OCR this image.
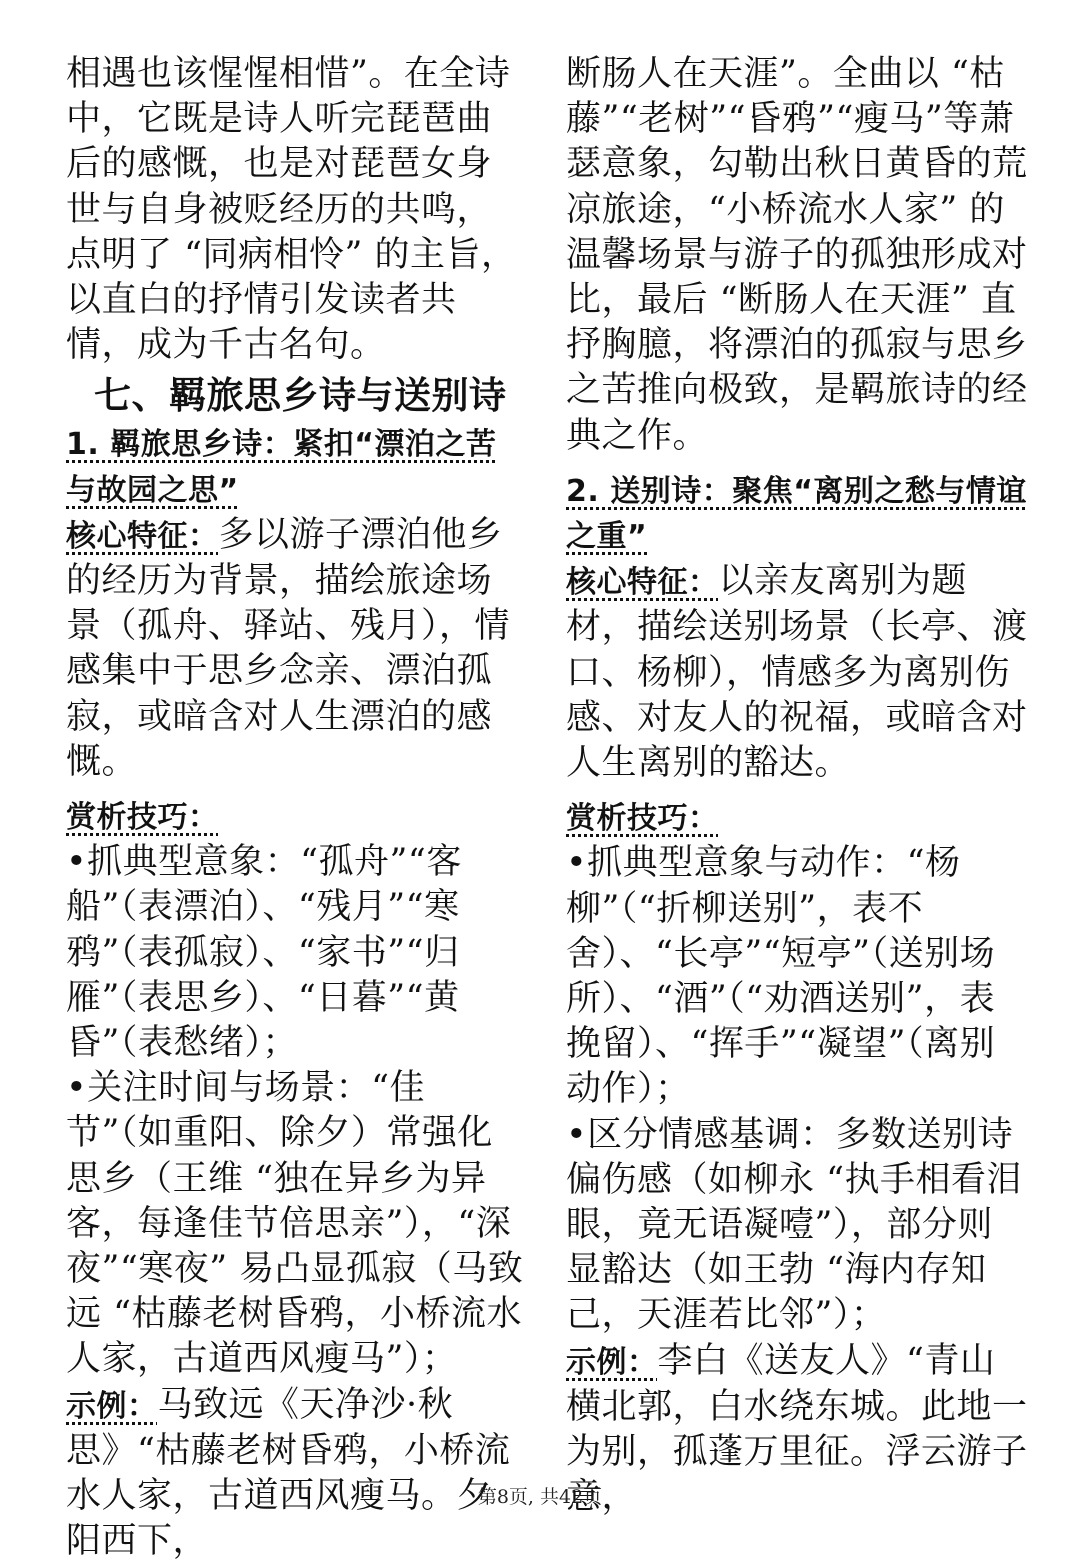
相遇也该惺惺相惜”。在全诗中，它既是诗人听完琵琶曲后的感慨，也是对琵琶女身世与自身被贬经历的共鸣，点明了 “同病相怜” 的主旨，以直白的抒情引发读者共情，成为千古名句。

七、羁旅思乡诗与送别诗
1. 羁旅思乡诗：紧扣“漂泊之苦与故园之思”

核心特征：多以游子漂泊他乡的经历为背景，描绘旅途场景（孤舟、驿站、残月），情感集中于思乡念亲、漂泊孤寂，或暗含对人生漂泊的感慨。

赏析技巧：

•抓典型意象：“孤舟”“客船”（表漂泊）、“残月”“寒鸦”（表孤寂）、“家书”“归雁”（表思乡）、“日暮”“黄昏”（表愁绪）；

•关注时间与场景：“佳节”（如重阳、除夕）常强化思乡（王维 “独在异乡为异客，每逢佳节倍思亲”），“深夜”“寒夜” 易凸显孤寂（马致远 “枯藤老树昏鸦，小桥流水人家，古道西风瘦马”）；

示例：马致远《天净沙·秋思》“枯藤老树昏鸦，小桥流水人家，古道西风瘦马。夕阳西下，

断肠人在天涯”。全曲以 “枯藤”“老树”“昏鸦”“瘦马”等萧瑟意象，勾勒出秋日黄昏的荒凉旅途，“小桥流水人家” 的温馨场景与游子的孤独形成对比，最后 “断肠人在天涯” 直抒胸臆，将漂泊的孤寂与思乡之苦推向极致，是羁旅诗的经典之作。

2. 送别诗：聚焦“离别之愁与情谊之重”

核心特征：以亲友离别为题材，描绘送别场景（长亭、渡口、杨柳），情感多为离别伤感、对友人的祝福，或暗含对人生离别的豁达。

赏析技巧：

•抓典型意象与动作：“杨柳”（“折柳送别”，表不舍）、“长亭”“短亭”（送别场所）、“酒”（“劝酒送别”，表挽留）、“挥手”“凝望”（离别动作）；

•区分情感基调：多数送别诗偏伤感（如柳永 “执手相看泪眼，竟无语凝噎”），部分则显豁达（如王勃 “海内存知己，天涯若比邻”）；

示例：李白《送友人》“青山横北郭，白水绕东城。此地一为别，孤蓬万里征。浮云游子意，

第8页, 共42页
